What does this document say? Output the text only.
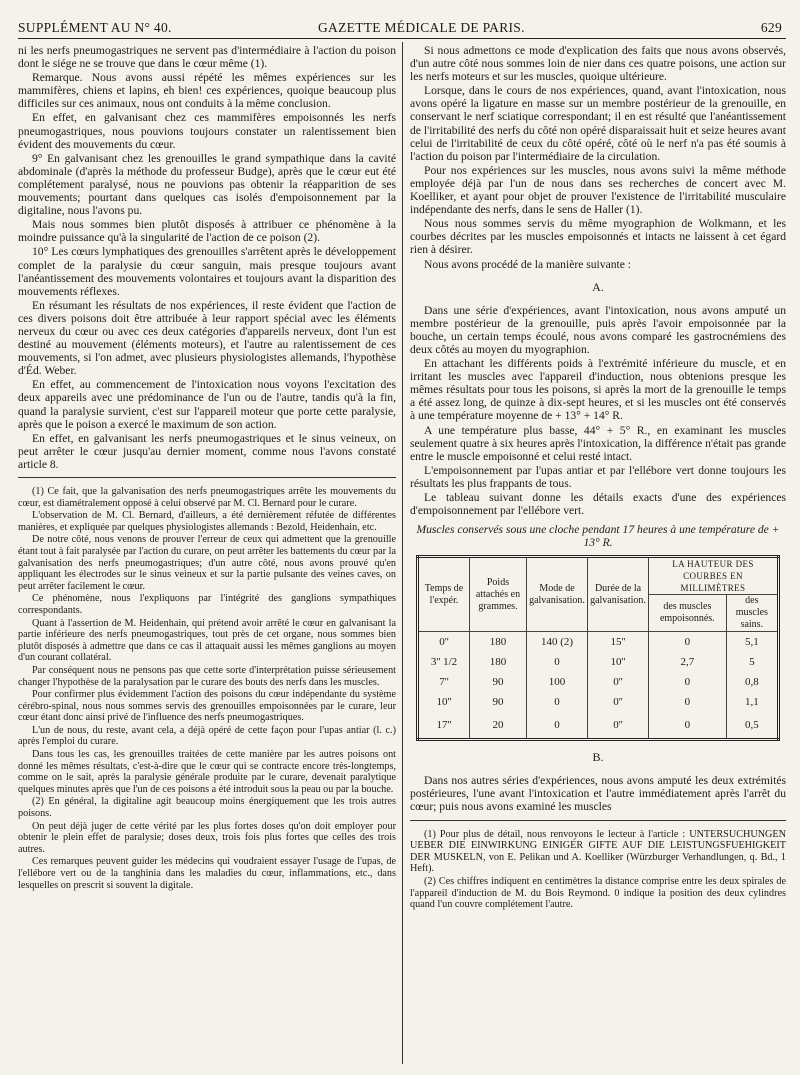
SUPPLÉMENT AU N° 40.	GAZETTE MÉDICALE DE PARIS.	629

ni les nerfs pneumogastriques ne servent pas d'intermédiaire à l'action du poison dont le siége ne se trouve que dans le cœur même (1).

Remarque. Nous avons aussi répété les mêmes expériences sur les mammifères, chiens et lapins, eh bien! ces expériences, quoique beaucoup plus difficiles sur ces animaux, nous ont conduits à la même conclusion.

En effet, en galvanisant chez ces mammifères empoisonnés les nerfs pneumogastriques, nous pouvions toujours constater un ralentissement bien évident des mouvements du cœur.

9° En galvanisant chez les grenouilles le grand sympathique dans la cavité abdominale (d'après la méthode du professeur Budge), après que le cœur eut été complétement paralysé, nous ne pouvions pas obtenir la réapparition de ses mouvements; pourtant dans quelques cas isolés d'empoisonnement par la digitaline, nous l'avons pu.

Mais nous sommes bien plutôt disposés à attribuer ce phénomène à la moindre puissance qu'à la singularité de l'action de ce poison (2).

10° Les cœurs lymphatiques des grenouilles s'arrêtent après le développement complet de la paralysie du cœur sanguin, mais presque toujours avant l'anéantissement des mouvements volontaires et toujours avant la disparition des mouvements réflexes.

En résumant les résultats de nos expériences, il reste évident que l'action de ces divers poisons doit être attribuée à leur rapport spécial avec les éléments nerveux du cœur ou avec ces deux catégories d'appareils nerveux, dont l'un est destiné au mouvement (éléments moteurs), et l'autre au ralentissement de ces mouvements, si l'on admet, avec plusieurs physiologistes allemands, l'hypothèse d'Éd. Weber.

En effet, au commencement de l'intoxication nous voyons l'excitation des deux appareils avec une prédominance de l'un ou de l'autre, tandis qu'à la fin, quand la paralysie survient, c'est sur l'appareil moteur que porte cette paralysie, après que le poison a exercé le maximum de son action.

En effet, en galvanisant les nerfs pneumogastriques et le sinus veineux, on peut arrêter le cœur jusqu'au dernier moment, comme nous l'avons constaté article 8.

(1) Ce fait, que la galvanisation des nerfs pneumogastriques arrête les mouvements du cœur, est diamétralement opposé à celui observé par M. Cl. Bernard pour le curare.

L'observation de M. Cl. Bernard, d'ailleurs, a été dernièrement réfutée de différentes manières, et expliquée par quelques physiologistes allemands : Bezold, Heidenhain, etc.

De notre côté, nous venons de prouver l'erreur de ceux qui admettent que la grenouille étant tout à fait paralysée par l'action du curare, on peut arrêter les battements du cœur par la galvanisation des nerfs pneumogastriques; d'un autre côté, nous avons prouvé qu'en appliquant les électrodes sur le sinus veineux et sur la partie pulsante des veines caves, on peut arrêter facilement le cœur.

Ce phénomène, nous l'expliquons par l'intégrité des ganglions sympathiques correspondants.

Quant à l'assertion de M. Heidenhain, qui prétend avoir arrêté le cœur en galvanisant la partie inférieure des nerfs pneumogastriques, tout près de cet organe, nous sommes bien plutôt disposés à admettre que dans ce cas il attaquait aussi les mêmes ganglions au moyen d'un courant collatéral.

Par conséquent nous ne pensons pas que cette sorte d'interprétation puisse sérieusement changer l'hypothèse de la paralysation par le curare des bouts des nerfs dans les muscles.

Pour confirmer plus évidemment l'action des poisons du cœur indépendante du système cérébro-spinal, nous nous sommes servis des grenouilles empoisonnées par le curare, leur cœur étant donc ainsi privé de l'influence des nerfs pneumogastriques.

L'un de nous, du reste, avant cela, a déjà opéré de cette façon pour l'upas antiar (l. c.) après l'emploi du curare.

Dans tous les cas, les grenouilles traitées de cette manière par les autres poisons ont donné les mêmes résultats, c'est-à-dire que le cœur qui se contracte encore très-longtemps, comme on le sait, après la paralysie générale produite par le curare, devenait paralytique quelques minutes après que l'un de ces poisons a été introduit sous la peau ou par la bouche.

(2) En général, la digitaline agit beaucoup moins énergiquement que les trois autres poisons.

On peut déjà juger de cette vérité par les plus fortes doses qu'on doit employer pour obtenir le plein effet de paralysie; doses deux, trois fois plus fortes que celles des trois autres.

Ces remarques peuvent guider les médecins qui voudraient essayer l'usage de l'upas, de l'ellébore vert ou de la tanghinia dans les maladies du cœur, inflammations, etc., dans lesquelles on prescrit si souvent la digitale.

Si nous admettons ce mode d'explication des faits que nous avons observés, d'un autre côté nous sommes loin de nier dans ces quatre poisons, une action sur les nerfs moteurs et sur les muscles, quoique ultérieure.

Lorsque, dans le cours de nos expériences, quand, avant l'intoxication, nous avons opéré la ligature en masse sur un membre postérieur de la grenouille, en conservant le nerf sciatique correspondant; il en est résulté que l'anéantissement de l'irritabilité des nerfs du côté non opéré disparaissait huit et seize heures avant celui de l'irritabilité de ceux du côté opéré, côté où le nerf n'a pas été soumis à l'action du poison par l'intermédiaire de la circulation.

Pour nos expériences sur les muscles, nous avons suivi la même méthode employée déjà par l'un de nous dans ses recherches de concert avec M. Koelliker, et ayant pour objet de prouver l'existence de l'irritabilité musculaire indépendante des nerfs, dans le sens de Haller (1).

Nous nous sommes servis du même myographion de Wolkmann, et les courbes décrites par les muscles empoisonnés et intacts ne laissent à cet égard rien à désirer.

Nous avons procédé de la manière suivante :

A.

Dans une série d'expériences, avant l'intoxication, nous avons amputé un membre postérieur de la grenouille, puis après l'avoir empoisonnée par la bouche, un certain temps écoulé, nous avons comparé les gastrocnémiens des deux côtés au moyen du myographion.

En attachant les différents poids à l'extrémité inférieure du muscle, et en irritant les muscles avec l'appareil d'induction, nous obtenions presque les mêmes résultats pour tous les poisons, si après la mort de la grenouille le temps a été assez long, de quinze à dix-sept heures, et si les muscles ont été conservés à une température moyenne de + 13° + 14° R.

A une température plus basse, 44° + 5° R., en examinant les muscles seulement quatre à six heures après l'intoxication, la différence n'était pas grande entre le muscle empoisonné et celui resté intact.

L'empoisonnement par l'upas antiar et par l'ellébore vert donne toujours les résultats les plus frappants de tous.

Le tableau suivant donne les détails exacts d'une des expériences d'empoisonnement par l'ellébore vert.

Muscles conservés sous une cloche pendant 17 heures à une température de + 13° R.
Temps de l'expér.	Poids attachés en grammes.	Mode de galvanisation.	Durée de la galvanisation.	LA HAUTEUR DES COURBES EN MILLIMÈTRES	
				des muscles empoisonnés.	des muscles sains.
0''	180	140 (2)	15''	0	5,1
3'' 1/2	180	0	10''	2,7	5
7''	90	100	0''	0	0,8
10''	90	0	0''	0	1,1
17''	20	0	0''	0	0,5
B.

Dans nos autres séries d'expériences, nous avons amputé les deux extrémités postérieures, l'une avant l'intoxication et l'autre immédiatement après l'arrêt du cœur; puis nous avons examiné les muscles

(1) Pour plus de détail, nous renvoyons le lecteur à l'article : UNTERSUCHUNGEN UEBER DIE EINWIRKUNG EINIGER GIFTE AUF DIE LEISTUNGSFUEHIGKEIT DER MUSKELN, von E. Pelikan und A. Koelliker (Würzburger Verhandlungen, q. Bd., 1 Heft).

(2) Ces chiffres indiquent en centimètres la distance comprise entre les deux spirales de l'appareil d'induction de M. du Bois Reymond. 0 indique la position des deux cylindres quand l'un couvre complétement l'autre.
